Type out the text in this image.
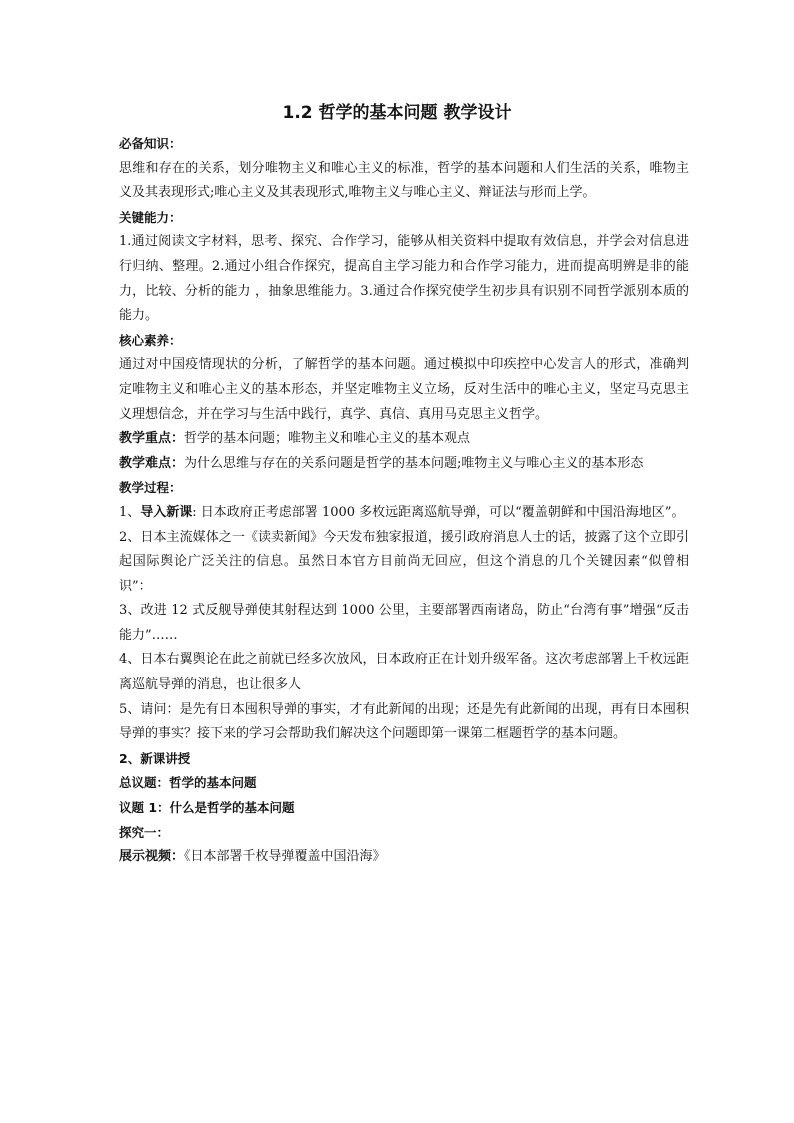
1.2 哲学的基本问题 教学设计

必备知识：

思维和存在的关系，划分唯物主义和唯心主义的标准，哲学的基本问题和人们生活的关系，唯物主义及其表现形式;唯心主义及其表现形式,唯物主义与唯心主义、辩证法与形而上学。

关键能力：

1.通过阅读文字材料，思考、探究、合作学习，能够从相关资料中提取有效信息，并学会对信息进行归纳、整理。2.通过小组合作探究，提高自主学习能力和合作学习能力，进而提高明辨是非的能力，比较、分析的能力 ，抽象思维能力。3.通过合作探究使学生初步具有识别不同哲学派别本质的能力。

核心素养：

通过对中国疫情现状的分析，了解哲学的基本问题。通过模拟中印疾控中心发言人的形式，准确判定唯物主义和唯心主义的基本形态，并坚定唯物主义立场，反对生活中的唯心主义，坚定马克思主义理想信念，并在学习与生活中践行，真学、真信、真用马克思主义哲学。

教学重点：哲学的基本问题；唯物主义和唯心主义的基本观点

教学难点：为什么思维与存在的关系问题是哲学的基本问题;唯物主义与唯心主义的基本形态

教学过程：

1、导入新课: 日本政府正考虑部署 1000 多枚远距离巡航导弹，可以“覆盖朝鲜和中国沿海地区”。

2、日本主流媒体之一《读卖新闻》今天发布独家报道，援引政府消息人士的话，披露了这个立即引起国际舆论广泛关注的信息。虽然日本官方目前尚无回应，但这个消息的几个关键因素“似曾相识”：

3、改进 12 式反舰导弹使其射程达到 1000 公里，主要部署西南诸岛，防止“台湾有事”增强“反击能力”……

4、日本右翼舆论在此之前就已经多次放风，日本政府正在计划升级军备。这次考虑部署上千枚远距离巡航导弹的消息，也让很多人

5、请问：是先有日本囤积导弹的事实，才有此新闻的出现；还是先有此新闻的出现，再有日本囤积导弹的事实？接下来的学习会帮助我们解决这个问题即第一课第二框题哲学的基本问题。

2、新课讲授

总议题：哲学的基本问题

议题 1：什么是哲学的基本问题

探究一：

展示视频：《日本部署千枚导弹覆盖中国沿海》
